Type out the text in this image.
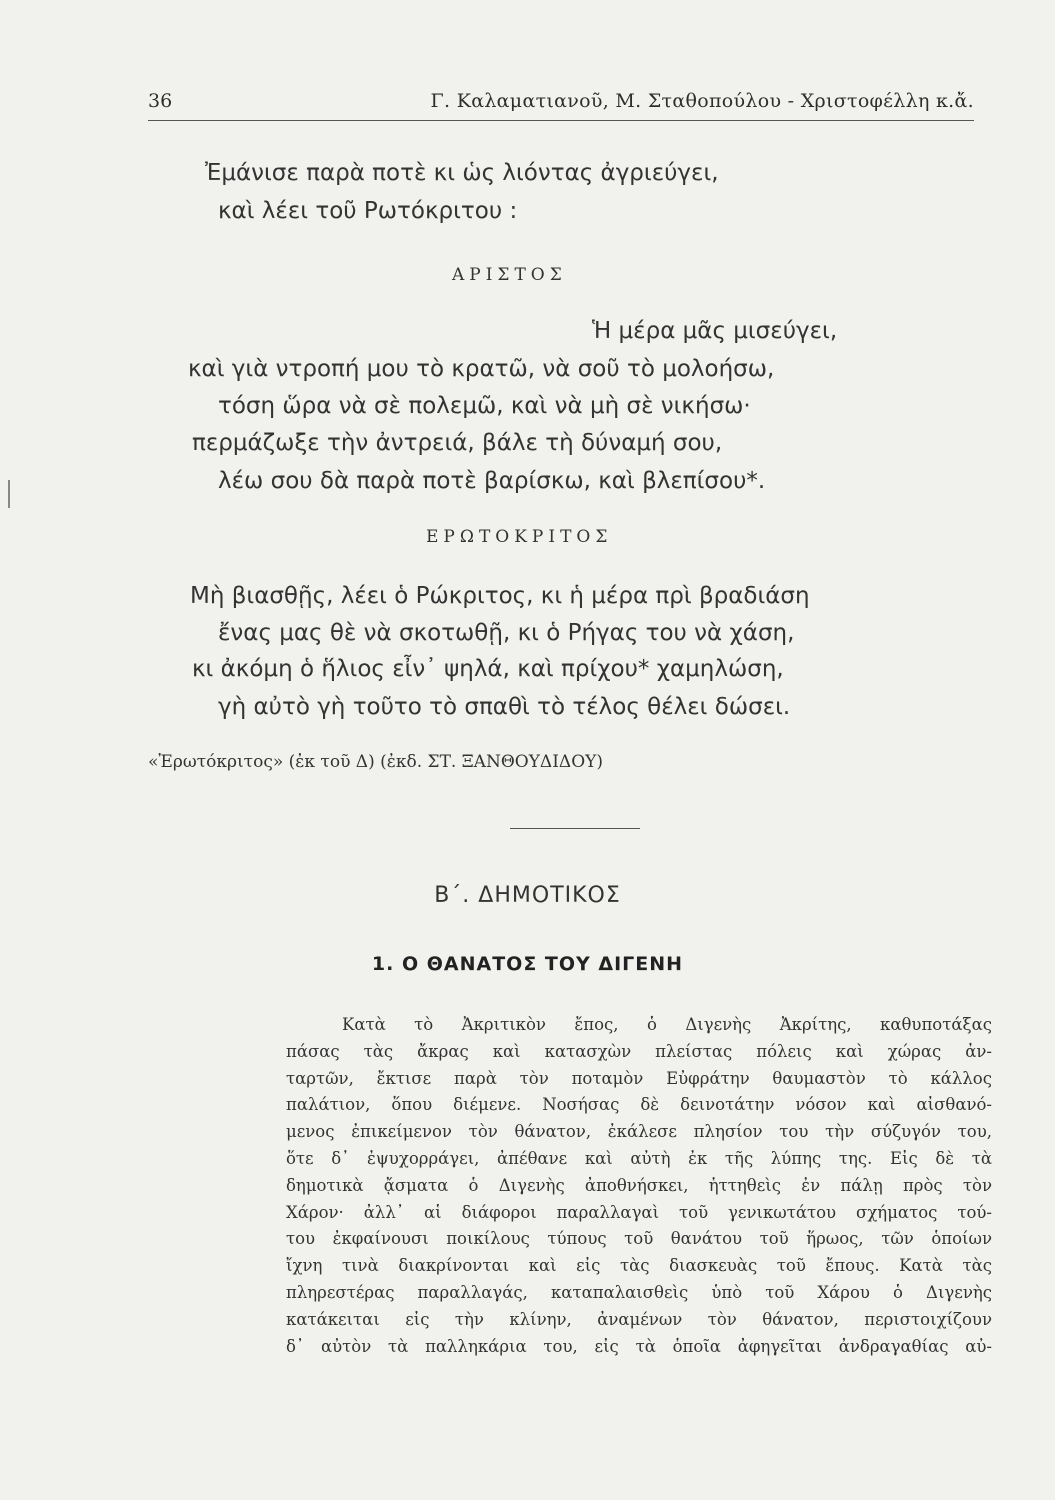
36	Γ. Καλαματιανοῦ, Μ. Σταθοπούλου - Χριστοφέλλη κ.ἄ.
Ἐμάνισε παρὰ ποτὲ κι ὡς λιόντας ἀγριεύγει,
καὶ λέει τοῦ Ρωτόκριτου :
ΑΡΙΣΤΟΣ
Ἡ μέρα μᾶς μισεύγει,
καὶ γιὰ ντροπή μου τὸ κρατῶ, νὰ σοῦ τὸ μολοήσω,
τόση ὥρα νὰ σὲ πολεμῶ, καὶ νὰ μὴ σὲ νικήσω·
περμάζωξε τὴν ἀντρειά, βάλε τὴ δύναμή σου,
λέω σου δὰ παρὰ ποτὲ βαρίσκω, καὶ βλεπίσου*.
ΕΡΩΤΟΚΡΙΤΟΣ
Μὴ βιασθῇς, λέει ὁ Ρώκριτος, κι ἡ μέρα πρὶ βραδιάση
ἔνας μας θὲ νὰ σκοτωθῇ, κι ὁ Ρήγας του νὰ χάση,
κι ἀκόμη ὁ ἥλιος εἶν᾽ ψηλά, καὶ πρίχου* χαμηλώση,
γὴ αὐτὸ γὴ τοῦτο τὸ σπαθὶ τὸ τέλος θέλει δώσει.
«Ἐρωτόκριτος» (ἐκ τοῦ Δ) (ἐκδ. ΣΤ. ΞΑΝΘΟΥΔΙΔΟΥ)
Β΄. ΔΗΜΟΤΙΚΟΣ
1. Ο ΘΑΝΑΤΟΣ ΤΟΥ ΔΙΓΕΝΗ
Κατὰ τὸ Ἀκριτικὸν ἔπος, ὁ Διγενὴς Ἀκρίτης, καθυποτάξας
πάσας τὰς ἄκρας καὶ κατασχὼν πλείστας πόλεις καὶ χώρας ἀν-
ταρτῶν, ἔκτισε παρὰ τὸν ποταμὸν Εὐφράτην θαυμαστὸν τὸ κάλλος
παλάτιον, ὅπου διέμενε. Νοσήσας δὲ δεινοτάτην νόσον καὶ αἰσθανό-
μενος ἐπικείμενον τὸν θάνατον, ἐκάλεσε πλησίον του τὴν σύζυγόν του,
ὅτε δ᾽ ἐψυχορράγει, ἀπέθανε καὶ αὐτὴ ἐκ τῆς λύπης της. Εἰς δὲ τὰ
δημοτικὰ ᾄσματα ὁ Διγενὴς ἀποθνήσκει, ἡττηθεὶς ἐν πάλῃ πρὸς τὸν
Χάρον· ἀλλ᾽ αἱ διάφοροι παραλλαγαὶ τοῦ γενικωτάτου σχήματος τού-
του ἐκφαίνουσι ποικίλους τύπους τοῦ θανάτου τοῦ ἥρωος, τῶν ὁποίων
ἴχνη τινὰ διακρίνονται καὶ εἰς τὰς διασκευὰς τοῦ ἔπους. Κατὰ τὰς
πληρεστέρας παραλλαγάς, καταπαλαισθεὶς ὑπὸ τοῦ Χάρου ὁ Διγενὴς
κατάκειται εἰς τὴν κλίνην, ἀναμένων τὸν θάνατον, περιστοιχίζουν
δ᾽ αὐτὸν τὰ παλληκάρια του, εἰς τὰ ὁποῖα ἀφηγεῖται ἀνδραγαθίας αὐ-
